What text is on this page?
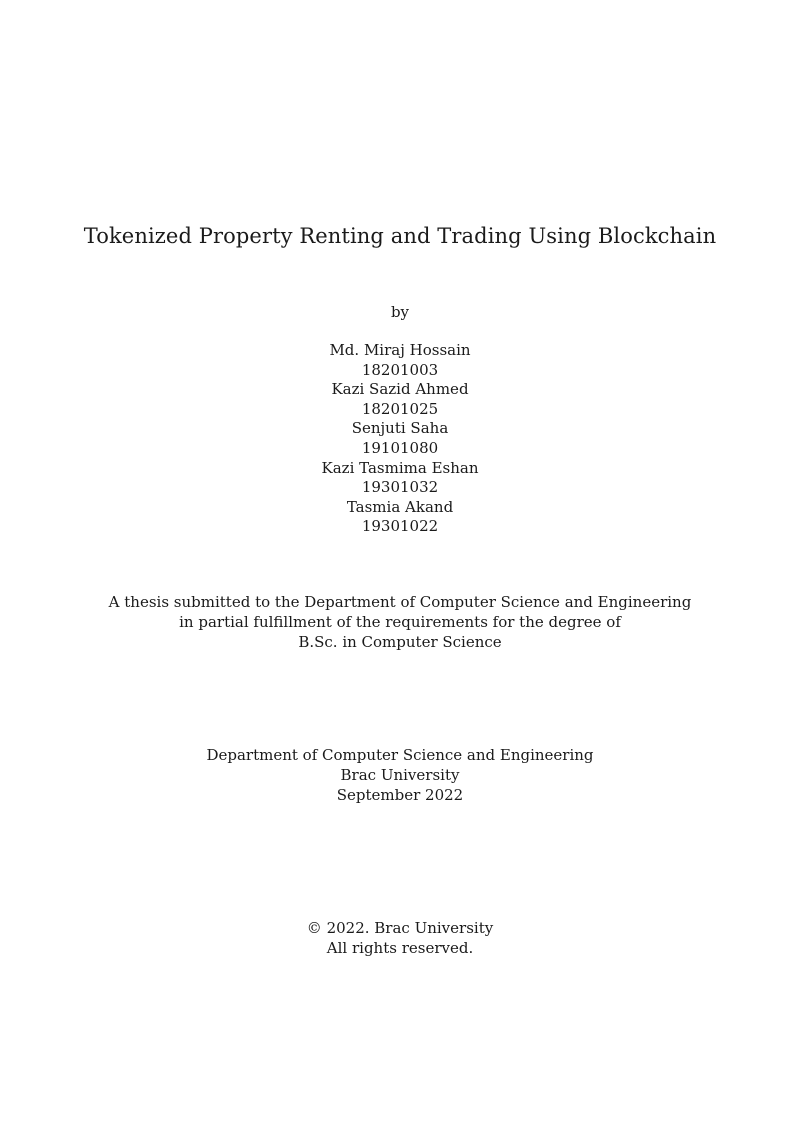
Tokenized Property Renting and Trading Using Blockchain
by
Md. Miraj Hossain
18201003
Kazi Sazid Ahmed
18201025
Senjuti Saha
19101080
Kazi Tasmima Eshan
19301032
Tasmia Akand
19301022
A thesis submitted to the Department of Computer Science and Engineering
in partial fulfillment of the requirements for the degree of
B.Sc. in Computer Science
Department of Computer Science and Engineering
Brac University
September 2022
© 2022. Brac University
All rights reserved.
